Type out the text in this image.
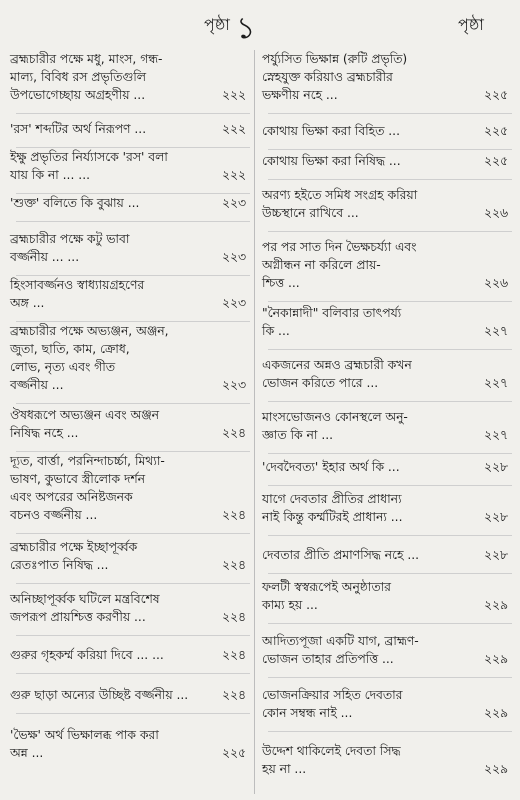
পৃষ্ঠা ১	পৃষ্ঠা
ব্রহ্মচারীর পক্ষে মধু, মাংস, গন্ধ-
মাল্য, বিবিধ রস প্রভৃতিগুলি
উপভোগেচ্ছায় অগ্রহণীয় ...	২২২
'রস' শব্দটির অর্থ নিরূপণ ...	২২২
ইক্ষু প্রভৃতির নির্য্যাসকে 'রস' বলা
যায় কি না ... ...	২২২
'শুক্ত' বলিতে কি বুঝায় ...	২২৩
ব্রহ্মচারীর পক্ষে কটু ভাবা
বর্জ্জনীয় ... ...	২২৩
হিংসাবর্জ্জনও স্বাধ্যায়গ্রহণের
অঙ্গ ...	২২৩
ব্রহ্মচারীর পক্ষে অভ্যঞ্জন, অঞ্জন,
জুতা, ছাতি, কাম, ক্রোধ,
লোভ, নৃত্য এবং গীত
বর্জ্জনীয় ...	২২৩
ঔষধরূপে অভ্যঞ্জন এবং অঞ্জন
নিষিদ্ধ নহে ...	২২৪
দ্যূত, বার্ত্তা, পরনিন্দাচর্চ্চা, মিথ্যা-
ভাষণ, কুভাবে স্ত্রীলোক দর্শন
এবং অপরের অনিষ্টজনক
বচনও বর্জ্জনীয় ...	২২৪
ব্রহ্মচারীর পক্ষে ইচ্ছাপূর্ব্বক
রেতঃপাত নিষিদ্ধ ...	২২৪
অনিচ্ছাপূর্ব্বক ঘটিলে মন্ত্রবিশেষ
জপরূপ প্রায়শ্চিত্ত করণীয় ...	২২৪
গুরুর গৃহকর্ম্ম করিয়া দিবে ... ...	২২৪
গুরু ছাড়া অন্যের উচ্ছিষ্ট বর্জ্জনীয় ...	২২৪
'ভৈক্ষ' অর্থ ভিক্ষালব্ধ পাক করা
অন্ন ...	২২৫
পর্য্যুসিত ভিক্ষান্ন (রুটি প্রভৃতি)
স্নেহযুক্ত করিয়াও ব্রহ্মচারীর
ভক্ষণীয় নহে ...	২২৫
কোথায় ভিক্ষা করা বিহিত ...	২২৫
কোথায় ভিক্ষা করা নিষিদ্ধ ...	২২৫
অরণ্য হইতে সমিধ সংগ্রহ করিয়া
উচ্চস্থানে রাখিবে ...	২২৬
পর পর সাত দিন ভৈক্ষচর্য্যা এবং
অগ্নীন্ধন না করিলে প্রায়-
শ্চিত্ত ...	২২৬
"নৈকান্নাদী" বলিবার তাৎপর্য্য
কি ...	২২৭
একজনের অন্নও ব্রহ্মচারী কখন
ভোজন করিতে পারে ...	২২৭
মাংসভোজনও কোনস্থলে অনু-
জ্ঞাত কি না ...	২২৭
'দেবদৈবত্য' ইহার অর্থ কি ...	২২৮
যাগে দেবতার প্রীতির প্রাধান্য
নাই কিন্তু কর্ম্মটিরই প্রাধান্য ...	২২৮
দেবতার প্রীতি প্রমাণসিদ্ধ নহে ...	২২৮
ফলটী স্বস্বরূপেই অনুষ্ঠাতার
কাম্য হয় ...	২২৯
আদিত্যপূজা একটি যাগ, ব্রাহ্মণ-
ভোজন তাহার প্রতিপত্তি ...	২২৯
ভোজনক্রিয়ার সহিত দেবতার
কোন সম্বন্ধ নাই ...	২২৯
উদ্দেশ থাকিলেই দেবতা সিদ্ধ
হয় না ...	২২৯
